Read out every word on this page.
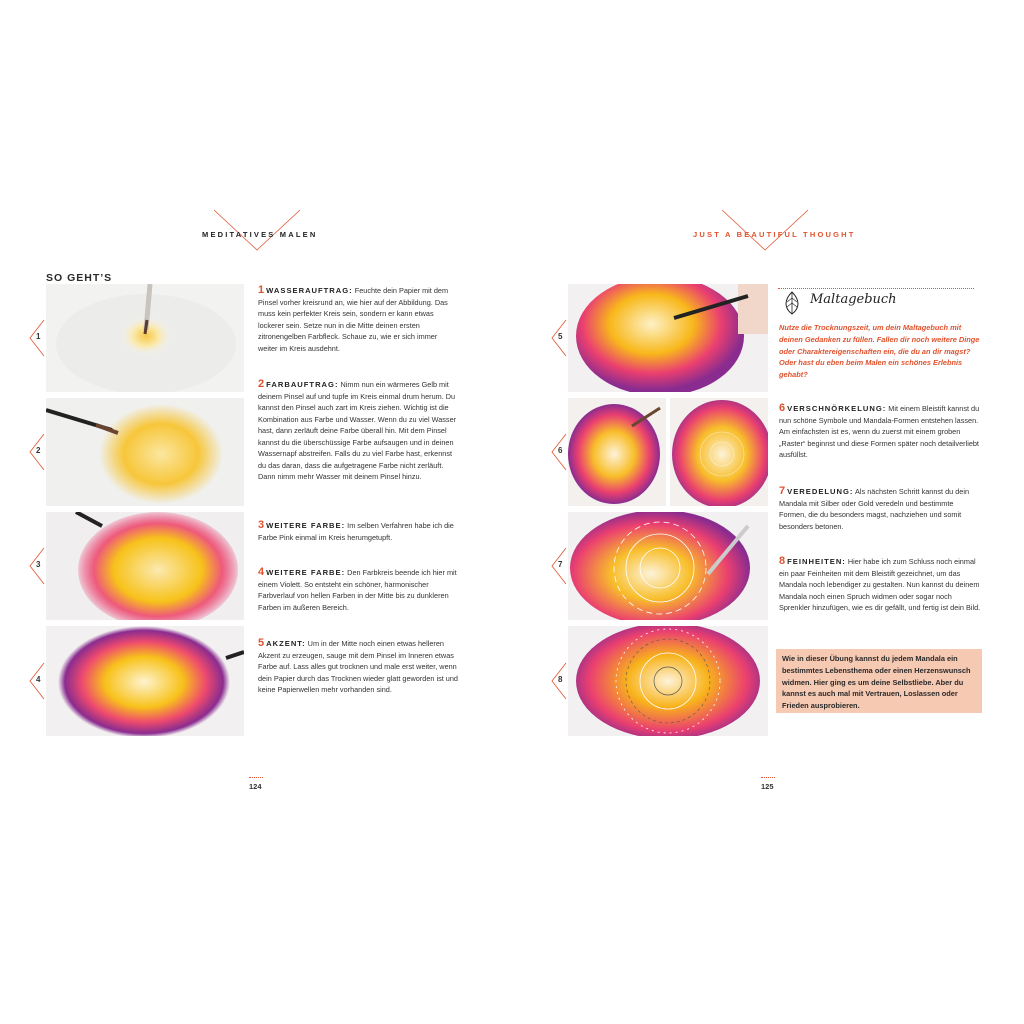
MEDITATIVES MALEN	JUST A BEAUTIFUL THOUGHT
SO GEHT’S
1
2
3
4
1 WASSERAUFTRAG: Feuchte dein Papier mit dem Pinsel vorher kreisrund an, wie hier auf der Abbildung. Das muss kein perfekter Kreis sein, sondern er kann etwas lockerer sein. Setze nun in die Mitte deinen ersten zitronengelben Farbfleck. Schaue zu, wie er sich immer weiter im Kreis ausdehnt.
2 FARBAUFTRAG: Nimm nun ein wärmeres Gelb mit deinem Pinsel auf und tupfe im Kreis einmal drum herum. Du kannst den Pinsel auch zart im Kreis ziehen. Wichtig ist die Kombination aus Farbe und Wasser. Wenn du zu viel Wasser hast, dann zerläuft deine Farbe überall hin. Mit dem Pinsel kannst du die überschüssige Farbe aufsaugen und in deinen Wassernapf abstreifen. Falls du zu viel Farbe hast, erkennst du das daran, dass die aufgetragene Farbe nicht zerläuft. Dann nimm mehr Wasser mit deinem Pinsel hinzu.
3 WEITERE FARBE: Im selben Verfahren habe ich die Farbe Pink einmal im Kreis herumgetupft.
4 WEITERE FARBE: Den Farbkreis beende ich hier mit einem Violett. So entsteht ein schöner, harmonischer Farbverlauf von hellen Farben in der Mitte bis zu dunkleren Farben im äußeren Bereich.
5 AKZENT: Um in der Mitte noch einen etwas helleren Akzent zu erzeugen, sauge mit dem Pinsel im Inneren etwas Farbe auf. Lass alles gut trocknen und male erst weiter, wenn dein Papier durch das Trocknen wieder glatt geworden ist und keine Papierwellen mehr vorhanden sind.
5
6
7
8
Maltagebuch
Nutze die Trocknungszeit, um dein Maltagebuch mit deinen Gedanken zu füllen. Fallen dir noch weitere Dinge oder Charaktereigenschaften ein, die du an dir magst? Oder hast du eben beim Malen ein schönes Erlebnis gehabt?
6 VERSCHNÖRKELUNG: Mit einem Bleistift kannst du nun schöne Symbole und Mandala-Formen entstehen lassen. Am einfachsten ist es, wenn du zuerst mit einem groben „Raster“ beginnst und diese Formen später noch detailverliebt ausfüllst.
7 VEREDELUNG: Als nächsten Schritt kannst du dein Mandala mit Silber oder Gold veredeln und bestimmte Formen, die du besonders magst, nachziehen und somit besonders betonen.
8 FEINHEITEN: Hier habe ich zum Schluss noch einmal ein paar Feinheiten mit dem Bleistift gezeichnet, um das Mandala noch lebendiger zu gestalten. Nun kannst du deinem Mandala noch einen Spruch widmen oder sogar noch Sprenkler hinzufügen, wie es dir gefällt, und fertig ist dein Bild.
Wie in dieser Übung kannst du jedem Mandala ein bestimmtes Lebensthema oder einen Herzenswunsch widmen. Hier ging es um deine Selbstliebe. Aber du kannst es auch mal mit Vertrauen, Loslassen oder Frieden ausprobieren.
124	125
